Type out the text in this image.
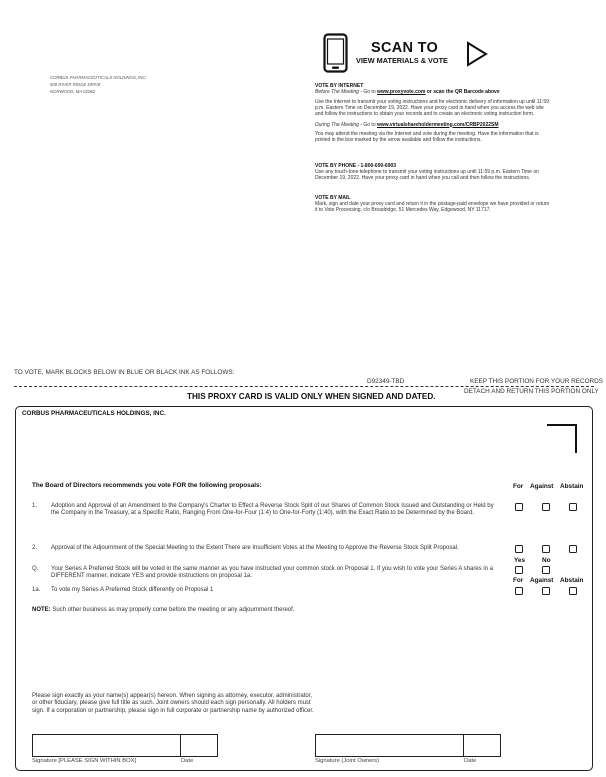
CORBUS PHARMACEUTICALS HOLDINGS, INC.
500 RIVER RIDGE DRIVE
NORWOOD, MA 02062
SCAN TO
VIEW MATERIALS & VOTE
VOTE BY INTERNET
Before The Meeting - Go to www.proxyvote.com or scan the QR Barcode above
Use the Internet to transmit your voting instructions and for electronic delivery of information up until 11:59 p.m. Eastern Time on December 19, 2022. Have your proxy card in hand when you access the web site and follow the instructions to obtain your records and to create an electronic voting instruction form.
During The Meeting - Go to www.virtualshareholdermeeting.com/CRBP2022SM
You may attend the meeting via the Internet and vote during the meeting. Have the information that is printed in the box marked by the arrow available and follow the instructions.
VOTE BY PHONE - 1-800-690-6903
Use any touch-tone telephone to transmit your voting instructions up until 11:59 p.m. Eastern Time on December 19, 2022. Have your proxy card in hand when you call and then follow the instructions.
VOTE BY MAIL
Mark, sign and date your proxy card and return it in the postage-paid envelope we have provided or return it to Vote Processing, c/o Broadridge, 51 Mercedes Way, Edgewood, NY 11717.
TO VOTE, MARK BLOCKS BELOW IN BLUE OR BLACK INK AS FOLLOWS:
D92349-TBD	KEEP THIS PORTION FOR YOUR RECORDS
THIS PROXY CARD IS VALID ONLY WHEN SIGNED AND DATED.
DETACH AND RETURN THIS PORTION ONLY
CORBUS PHARMACEUTICALS HOLDINGS, INC.
The Board of Directors recommends you vote FOR the following proposals:	For Against Abstain
1. Adoption and Approval of an Amendment to the Company's Charter to Effect a Reverse Stock Split of our Shares of Common Stock Issued and Outstanding or Held by the Company in the Treasury, at a Specific Ratio, Ranging From One-for-Four (1:4) to One-for-Forty (1:40), with the Exact Ratio to be Determined by the Board.
2. Approval of the Adjournment of the Special Meeting to the Extent There are Insufficient Votes at the Meeting to Approve the Reverse Stock Split Proposal.
Yes	No
Q. Your Series A Preferred Stock will be voted in the same manner as you have instructed your common stock on Proposal 1. If you wish to vote your Series A shares in a DIFFERENT manner, indicate YES and provide instructions on proposal 1a.
For Against Abstain
1a. To vote my Series A Preferred Stock differently on Proposal 1
NOTE: Such other business as may properly come before the meeting or any adjournment thereof.
Please sign exactly as your name(s) appear(s) hereon. When signing as attorney, executor, administrator, or other fiduciary, please give full title as such. Joint owners should each sign personally. All holders must sign. If a corporation or partnership, please sign in full corporate or partnership name by authorized officer.
Signature [PLEASE SIGN WITHIN BOX]	Date	Signature (Joint Owners)	Date
